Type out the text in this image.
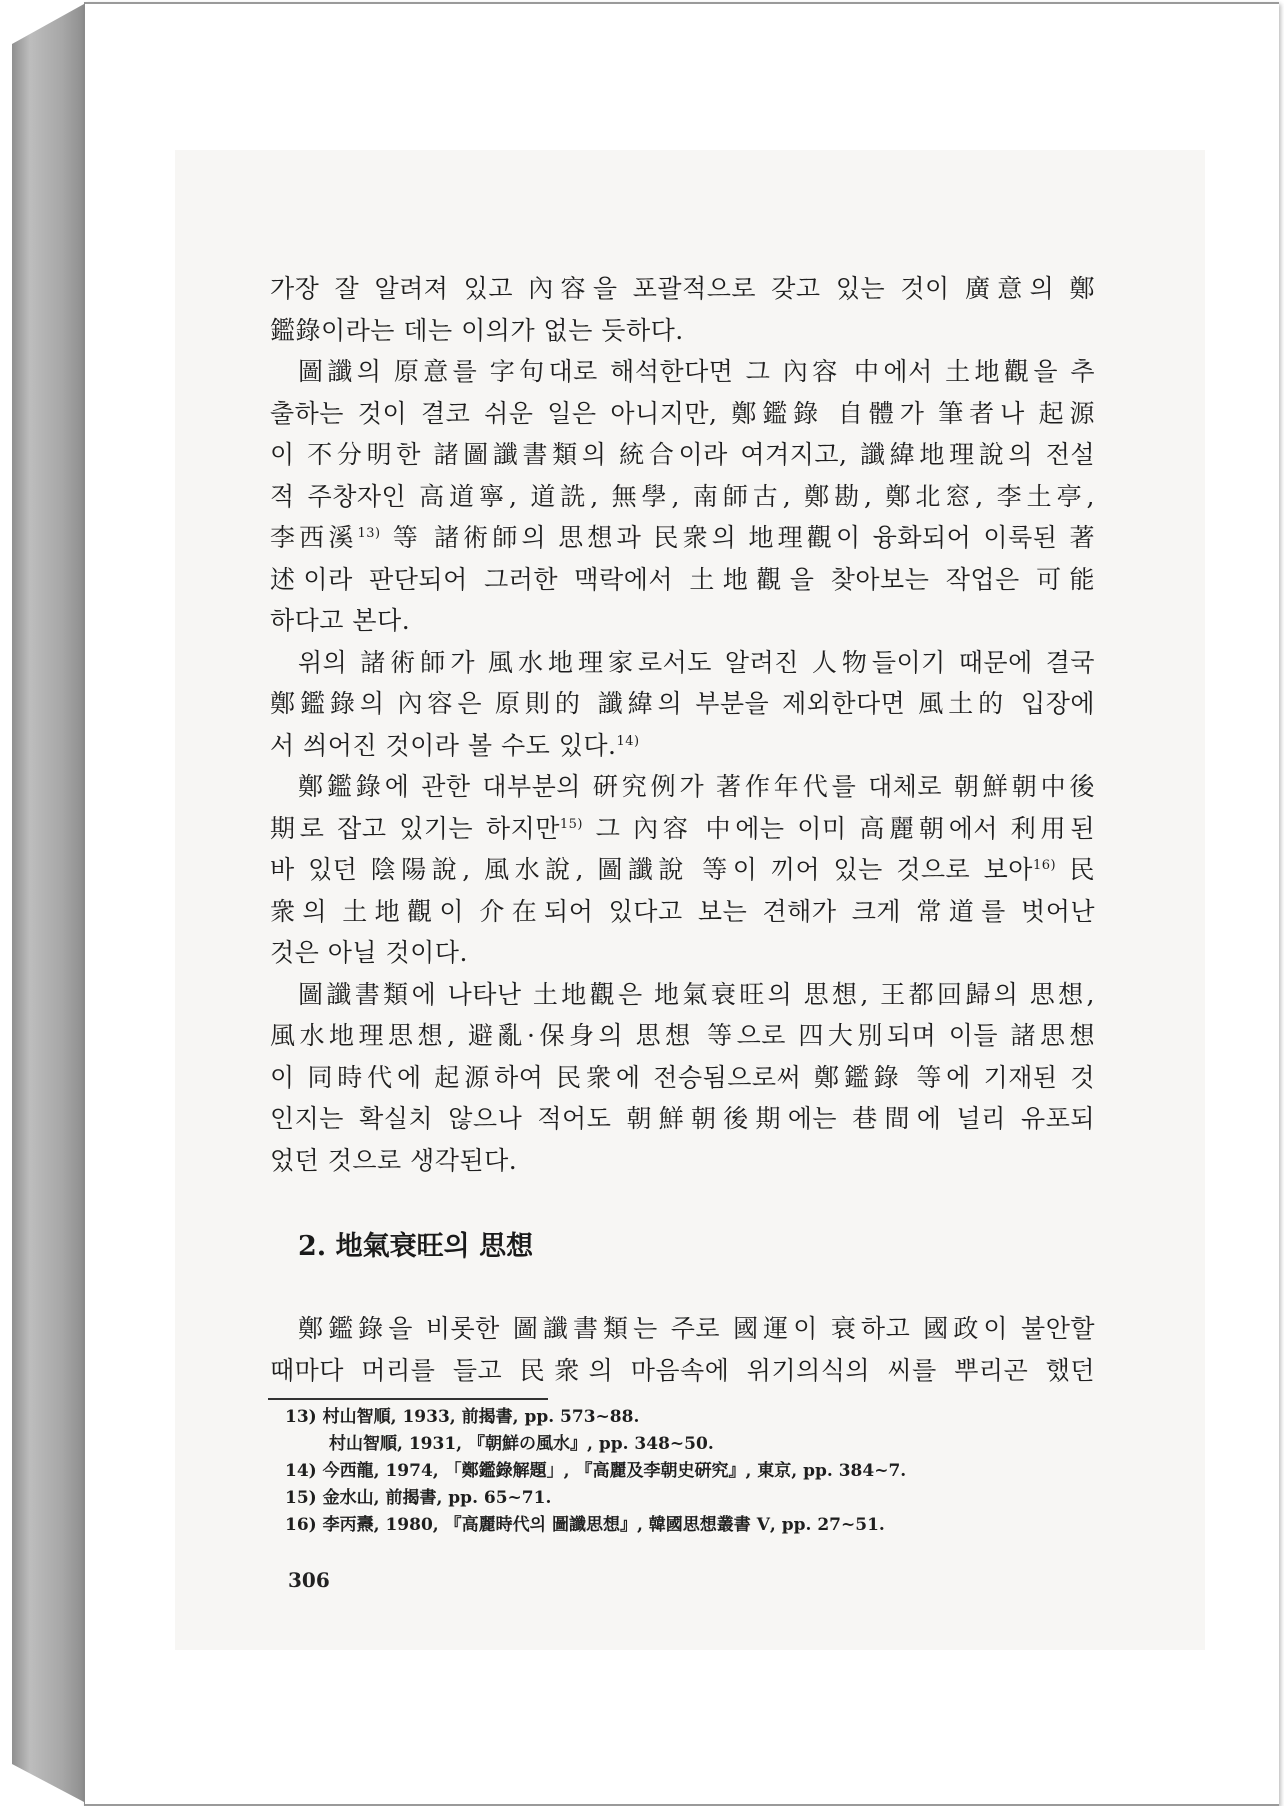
가장 잘 알려져 있고 內容을 포괄적으로 갖고 있는 것이 廣意의 鄭
鑑錄이라는 데는 이의가 없는 듯하다.
圖讖의 原意를 字句대로 해석한다면 그 內容 中에서 土地觀을 추
출하는 것이 결코 쉬운 일은 아니지만, 鄭鑑錄 自體가 筆者나 起源
이 不分明한 諸圖讖書類의 統合이라 여겨지고, 讖緯地理說의 전설
적 주창자인 高道寧, 道詵, 無學, 南師古, 鄭勘, 鄭北窓, 李土亭,
李西溪$^{13)}$ 等 諸術師의 思想과 民衆의 地理觀이 융화되어 이룩된 著
述이라 판단되어 그러한 맥락에서 土地觀을 찾아보는 작업은 可能
하다고 본다.
위의 諸術師가 風水地理家로서도 알려진 人物들이기 때문에 결국
鄭鑑錄의 內容은 原則的 讖緯의 부분을 제외한다면 風土的 입장에
서 씌어진 것이라 볼 수도 있다.$^{14)}$
鄭鑑錄에 관한 대부분의 硏究例가 著作年代를 대체로 朝鮮朝中後
期로 잡고 있기는 하지만$^{15)}$ 그 內容 中에는 이미 高麗朝에서 利用된
바 있던 陰陽說, 風水說, 圖讖說 等이 끼어 있는 것으로 보아$^{16)}$ 民
衆의 土地觀이 介在되어 있다고 보는 견해가 크게 常道를 벗어난
것은 아닐 것이다.
圖讖書類에 나타난 土地觀은 地氣衰旺의 思想, 王都回歸의 思想,
風水地理思想, 避亂·保身의 思想 等으로 四大別되며 이들 諸思想
이 同時代에 起源하여 民衆에 전승됨으로써 鄭鑑錄 等에 기재된 것
인지는 확실치 않으나 적어도 朝鮮朝後期에는 巷間에 널리 유포되
었던 것으로 생각된다.
2. 地氣衰旺의 思想
鄭鑑錄을 비롯한 圖讖書類는 주로 國運이 衰하고 國政이 불안할
때마다 머리를 들고 民衆의 마음속에 위기의식의 씨를 뿌리곤 했던
13) 村山智順, 1933, 前揭書, pp. 573~88.
村山智順, 1931, 『朝鮮の風水』, pp. 348~50.
14) 今西龍, 1974, 「鄭鑑錄解題」, 『高麗及李朝史硏究』, 東京, pp. 384~7.
15) 金水山, 前揭書, pp. 65~71.
16) 李丙燾, 1980, 『高麗時代의 圖讖思想』, 韓國思想叢書 Ⅴ, pp. 27~51.
306
